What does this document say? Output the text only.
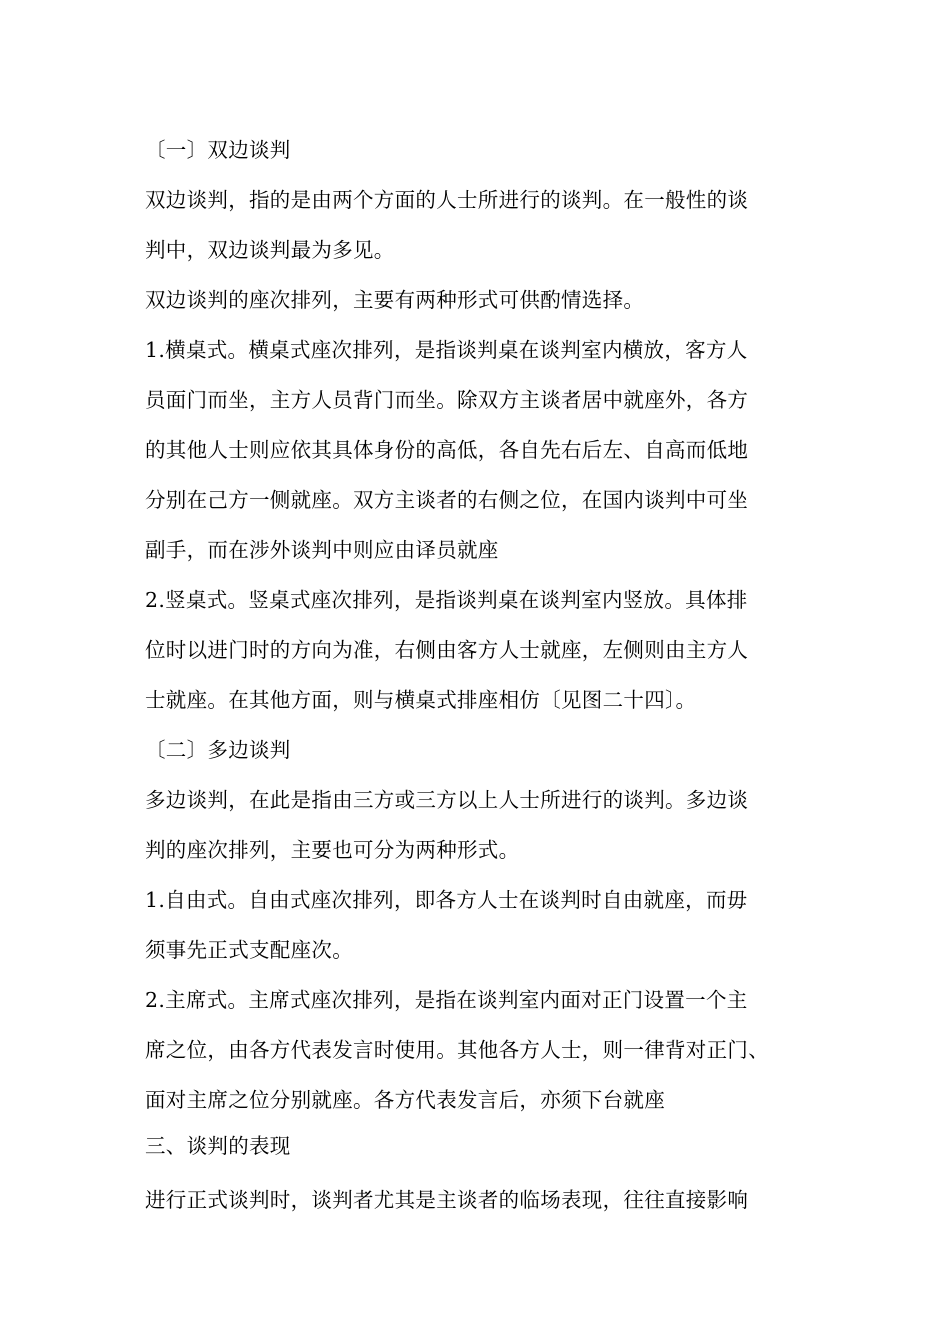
〔一〕双边谈判
双边谈判，指的是由两个方面的人士所进行的谈判。在一般性的谈
判中，双边谈判最为多见。
双边谈判的座次排列，主要有两种形式可供酌情选择。
1.横桌式。横桌式座次排列，是指谈判桌在谈判室内横放，客方人
员面门而坐，主方人员背门而坐。除双方主谈者居中就座外，各方
的其他人士则应依其具体身份的高低，各自先右后左、自高而低地
分别在己方一侧就座。双方主谈者的右侧之位，在国内谈判中可坐
副手，而在涉外谈判中则应由译员就座
2.竖桌式。竖桌式座次排列，是指谈判桌在谈判室内竖放。具体排
位时以进门时的方向为准，右侧由客方人士就座，左侧则由主方人
士就座。在其他方面，则与横桌式排座相仿〔见图二十四〕。
〔二〕多边谈判
多边谈判，在此是指由三方或三方以上人士所进行的谈判。多边谈
判的座次排列，主要也可分为两种形式。
1.自由式。自由式座次排列，即各方人士在谈判时自由就座，而毋
须事先正式支配座次。
2.主席式。主席式座次排列，是指在谈判室内面对正门设置一个主
席之位，由各方代表发言时使用。其他各方人士，则一律背对正门、
面对主席之位分别就座。各方代表发言后，亦须下台就座
三、谈判的表现
进行正式谈判时，谈判者尤其是主谈者的临场表现，往往直接影响
